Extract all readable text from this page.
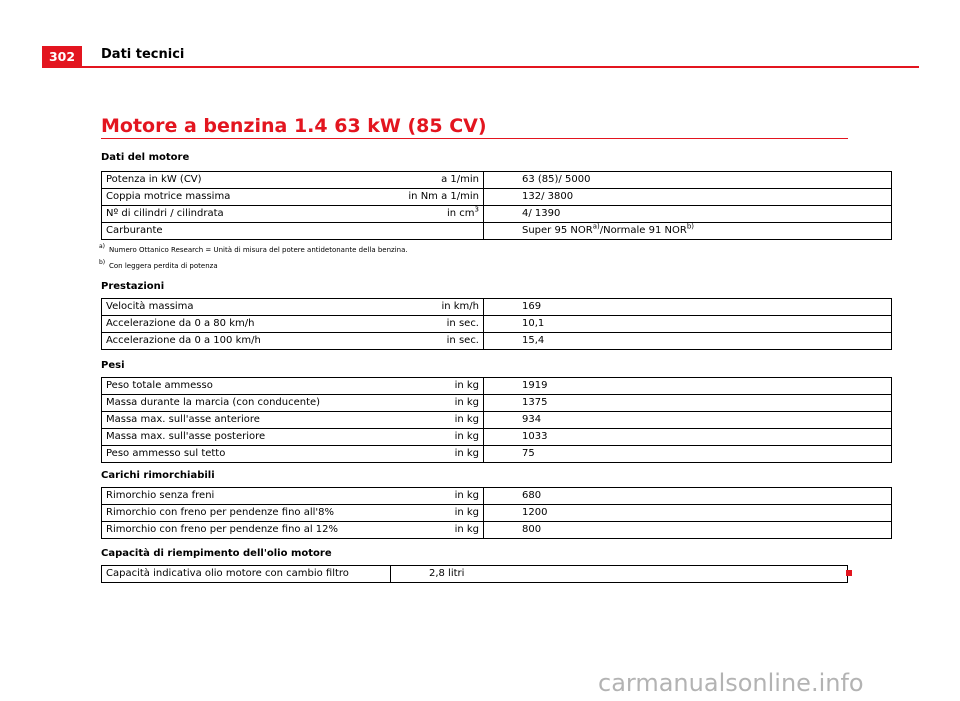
302	Dati tecnici
Motore a benzina 1.4 63 kW (85 CV)
Dati del motore
Potenza in kW (CV)	a 1/min	63 (85)/ 5000
Coppia motrice massima	in Nm a 1/min	132/ 3800
Nº di cilindri / cilindrata	in $cm^3$	4/ 1390
Carburante		Super 95 NOR$^{a)}$/Normale 91 NOR$^{b)}$

a) Numero Ottanico Research = Unità di misura del potere antidetonante della benzina.

b) Con leggera perdita di potenza

Prestazioni
Velocità massima	in km/h	169
Accelerazione da 0 a 80 km/h	in sec.	10,1
Accelerazione da 0 a 100 km/h	in sec.	15,4
Pesi
Peso totale ammesso	in kg	1919
Massa durante la marcia (con conducente)	in kg	1375
Massa max. sull'asse anteriore	in kg	934
Massa max. sull'asse posteriore	in kg	1033
Peso ammesso sul tetto	in kg	75
Carichi rimorchiabili
Rimorchio senza freni	in kg	680
Rimorchio con freno per pendenze fino all'8%	in kg	1200
Rimorchio con freno per pendenze fino al 12%	in kg	800
Capacità di riempimento dell'olio motore
Capacità indicativa olio motore con cambio filtro	2,8 litri
carmanualsonline.info
